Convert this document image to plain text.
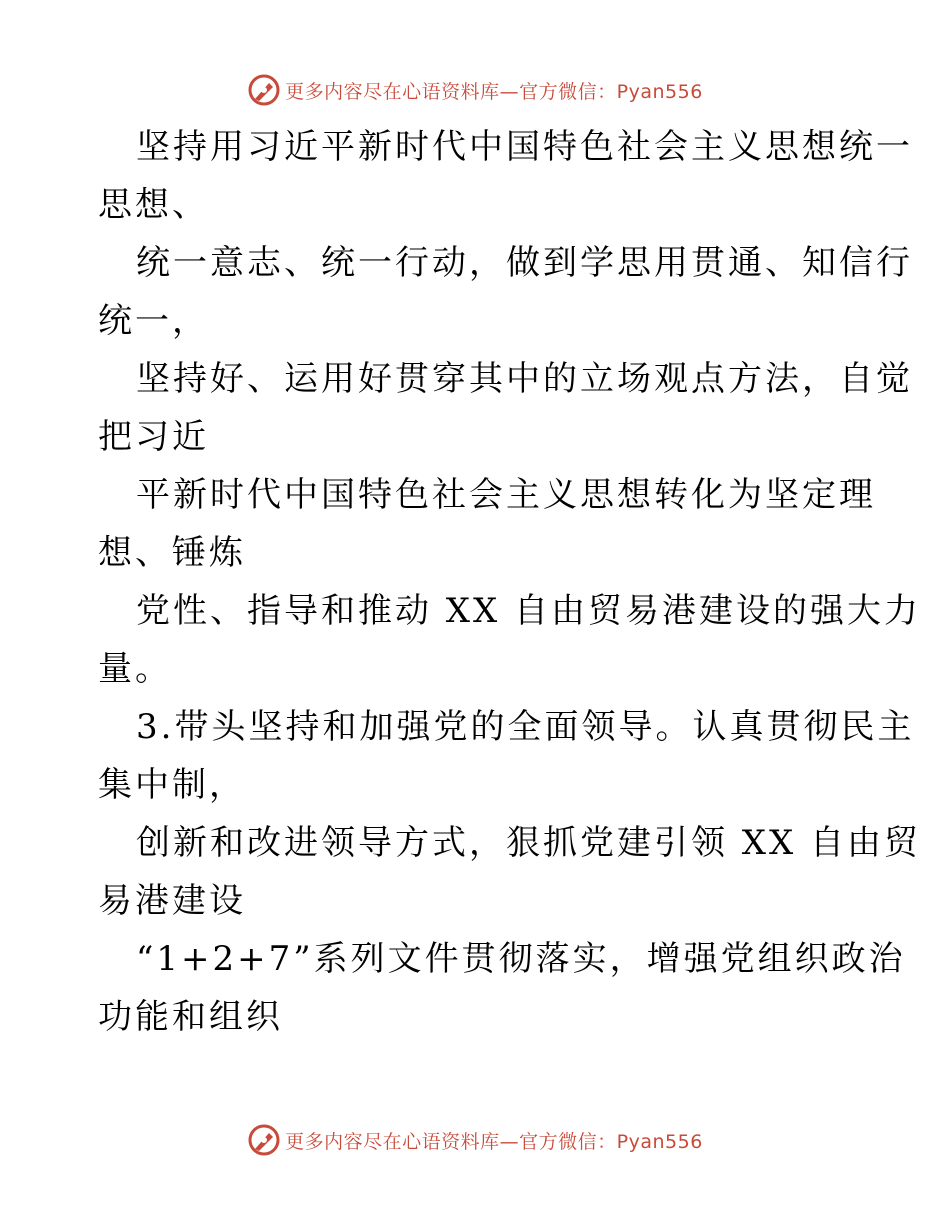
更多内容尽在心语资料库—官方微信：Pyan556
坚持用习近平新时代中国特色社会主义思想统一
思想、
统一意志、统一行动，做到学思用贯通、知信行
统一，
坚持好、运用好贯穿其中的立场观点方法，自觉
把习近
平新时代中国特色社会主义思想转化为坚定理
想、锤炼
党性、指导和推动 XX 自由贸易港建设的强大力
量。
3.带头坚持和加强党的全面领导。认真贯彻民主
集中制，
创新和改进领导方式，狠抓党建引领 XX 自由贸
易港建设
“1+2+7”系列文件贯彻落实，增强党组织政治
功能和组织
更多内容尽在心语资料库—官方微信：Pyan556
